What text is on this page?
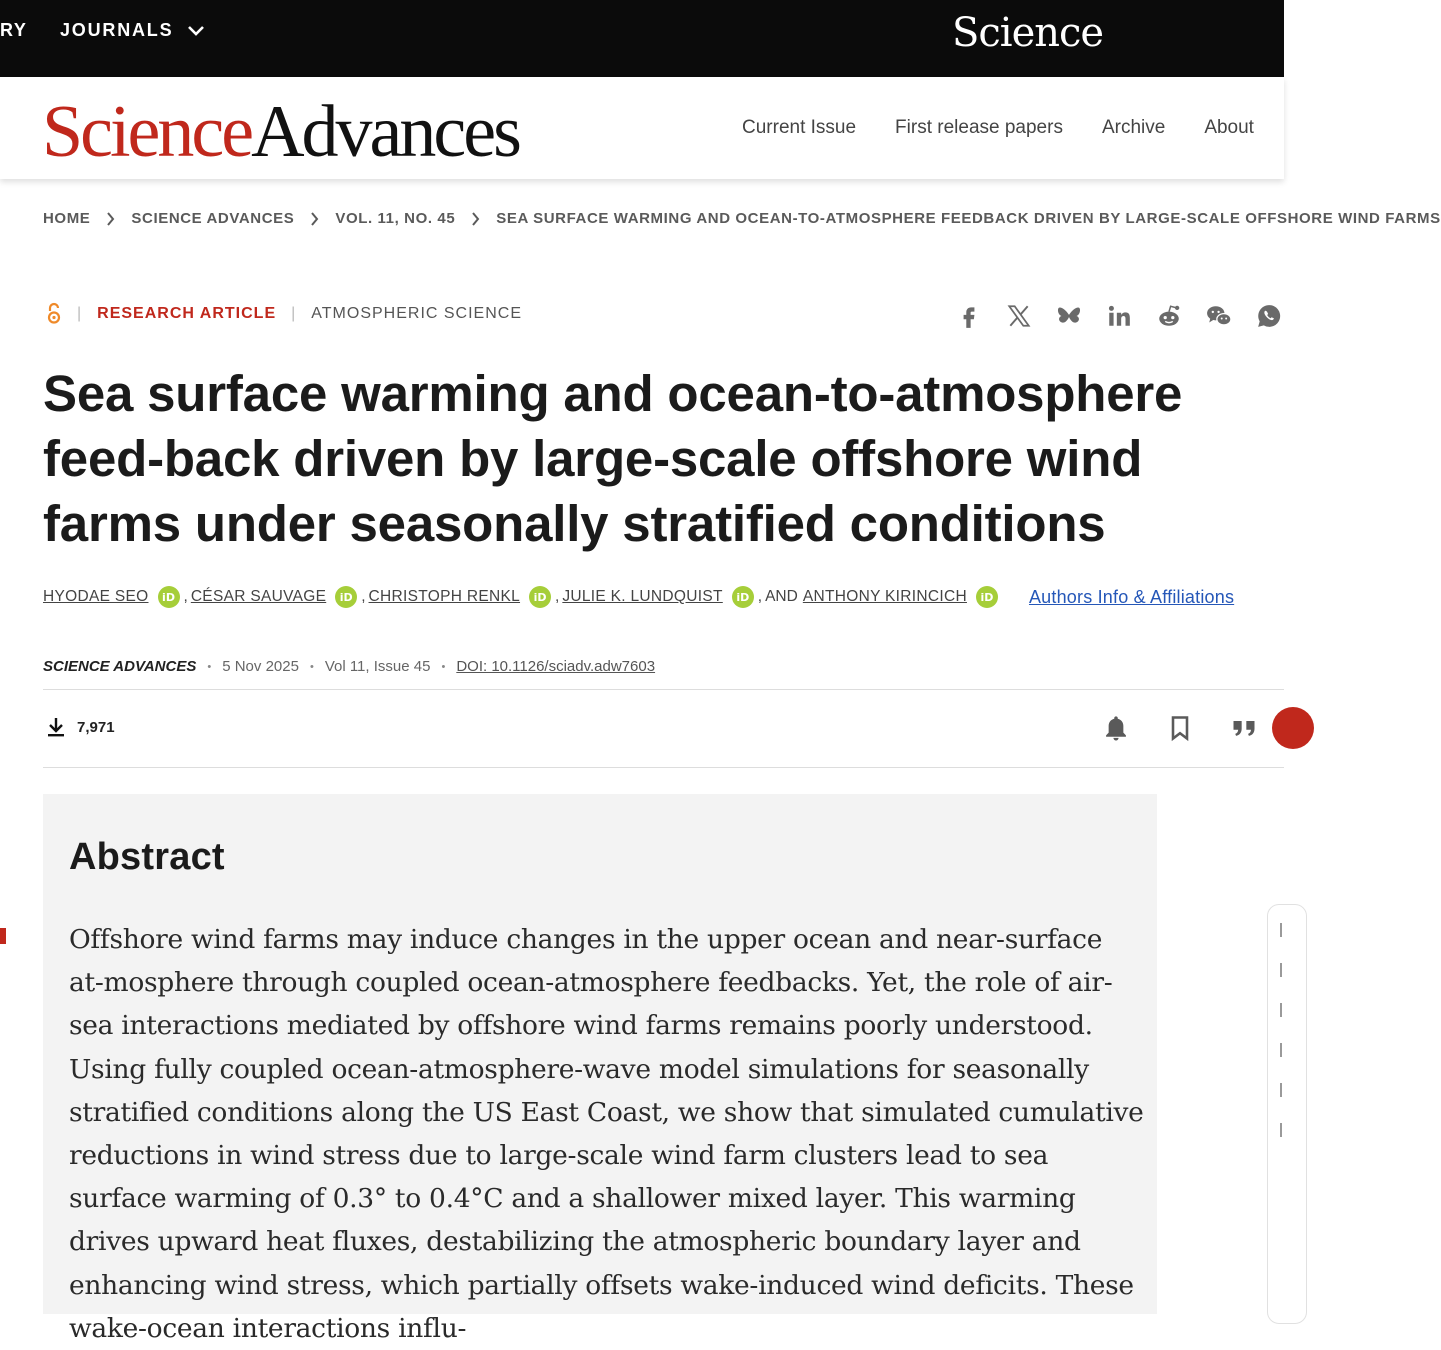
RY JOURNALS	Science
ScienceAdvances	Current Issue First release papers Archive About
HOME	SCIENCE ADVANCES	VOL. 11, NO. 45	SEA SURFACE WARMING AND OCEAN-TO-ATMOSPHERE FEEDBACK DRIVEN BY LARGE-SCALE OFFSHORE WIND FARMS
| RESEARCH ARTICLE | ATMOSPHERIC SCIENCE
Sea surface warming and ocean-to-atmosphere feed-back driven by large-scale offshore wind farms under seasonally stratified conditions
HYODAE SEO	iD , CÉSAR SAUVAGE	iD , CHRISTOPH RENKL	iD , JULIE K. LUNDQUIST	iD , AND ANTHONY KIRINCICH	iD Authors Info & Affiliations
SCIENCE ADVANCES • 5 Nov 2025 • Vol 11, Issue 45 • DOI: 10.1126/sciadv.adw7603
7,971
Abstract

Offshore wind farms may induce changes in the upper ocean and near-surface at-mosphere through coupled ocean-atmosphere feedbacks. Yet, the role of air-sea interactions mediated by offshore wind farms remains poorly understood. Using fully coupled ocean-atmosphere-wave model simulations for seasonally stratified conditions along the US East Coast, we show that simulated cumulative reductions in wind stress due to large-scale wind farm clusters lead to sea surface warming of 0.3° to 0.4°C and a shallower mixed layer. This warming drives upward heat fluxes, destabilizing the atmospheric boundary layer and enhancing wind stress, which partially offsets wake-induced wind deficits. These wake-ocean interactions influ-
